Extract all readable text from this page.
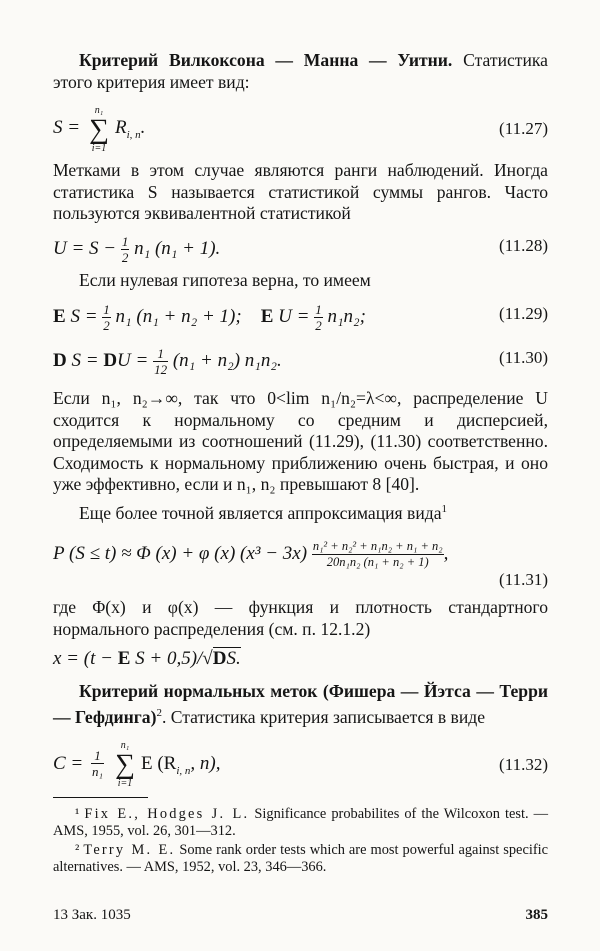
Критерий Вилкоксона — Манна — Уитни. Статистика этого критерия имеет вид:

S =
n₁
∑
i=1
$R_{i, n}$.	(11.27)

Метками в этом случае являются ранги наблюдений. Иногда статистика S называется статистикой суммы рангов. Часто пользуются эквивалентной статистикой

$U = S - \frac{1}{2} n_1$ (n₁ + 1).	(11.28)

Если нулевая гипотеза верна, то имеем

E $S = \frac{1}{2} n_1$ (n₁ + n₂ + 1);    E $U = \frac{1}{2} n_1n_2$;	(11.29)
D S = DU = $\frac{1}{12} (n_1 + n_2)$ n₁n₂.	(11.30)

Если n₁, n₂→∞, так что 0<lim n₁/n₂=λ<∞, распределение U сходится к нормальному со средним и дисперсией, определяемыми из соотношений (11.29), (11.30) соответственно. Сходимость к нормальному приближению очень быстрая, и оно уже эффективно, если и n₁, n₂ превышают 8 [40].

Еще более точной является аппроксимация вида$^1$

P (S ≤ t) ≈ Φ (x) + φ (x) $(x^3 - 3x) \frac{\text{n₁² + n₂² + n₁n₂ + n₁ + n₂}}{\text{20n₁n₂ (n₁ + n₂ + 1)}}$ ,
(11.31)

где Φ(x) и φ(x) — функция и плотность стандартного нормального распределения (см. п. 12.1.2)

x = (t − E S + 0,5)/√DS.

Критерий нормальных меток (Фишера — Йэтса — Терри — Гефдинга)$^2$. Статистика критерия записывается в виде

$C = \frac{1}{\text{n₁}}$
n₁
∑
i=1
E ($R_{i, n}$, n),	(11.32)

¹ Fix E., Hodges J. L. Significance probabilites of the Wilcoxon test. — AMS, 1955, vol. 26, 301—312.

² Terry M. E. Some rank order tests which are most powerful against specific alternatives. — AMS, 1952, vol. 23, 346—366.

13 Зак. 1035	385
